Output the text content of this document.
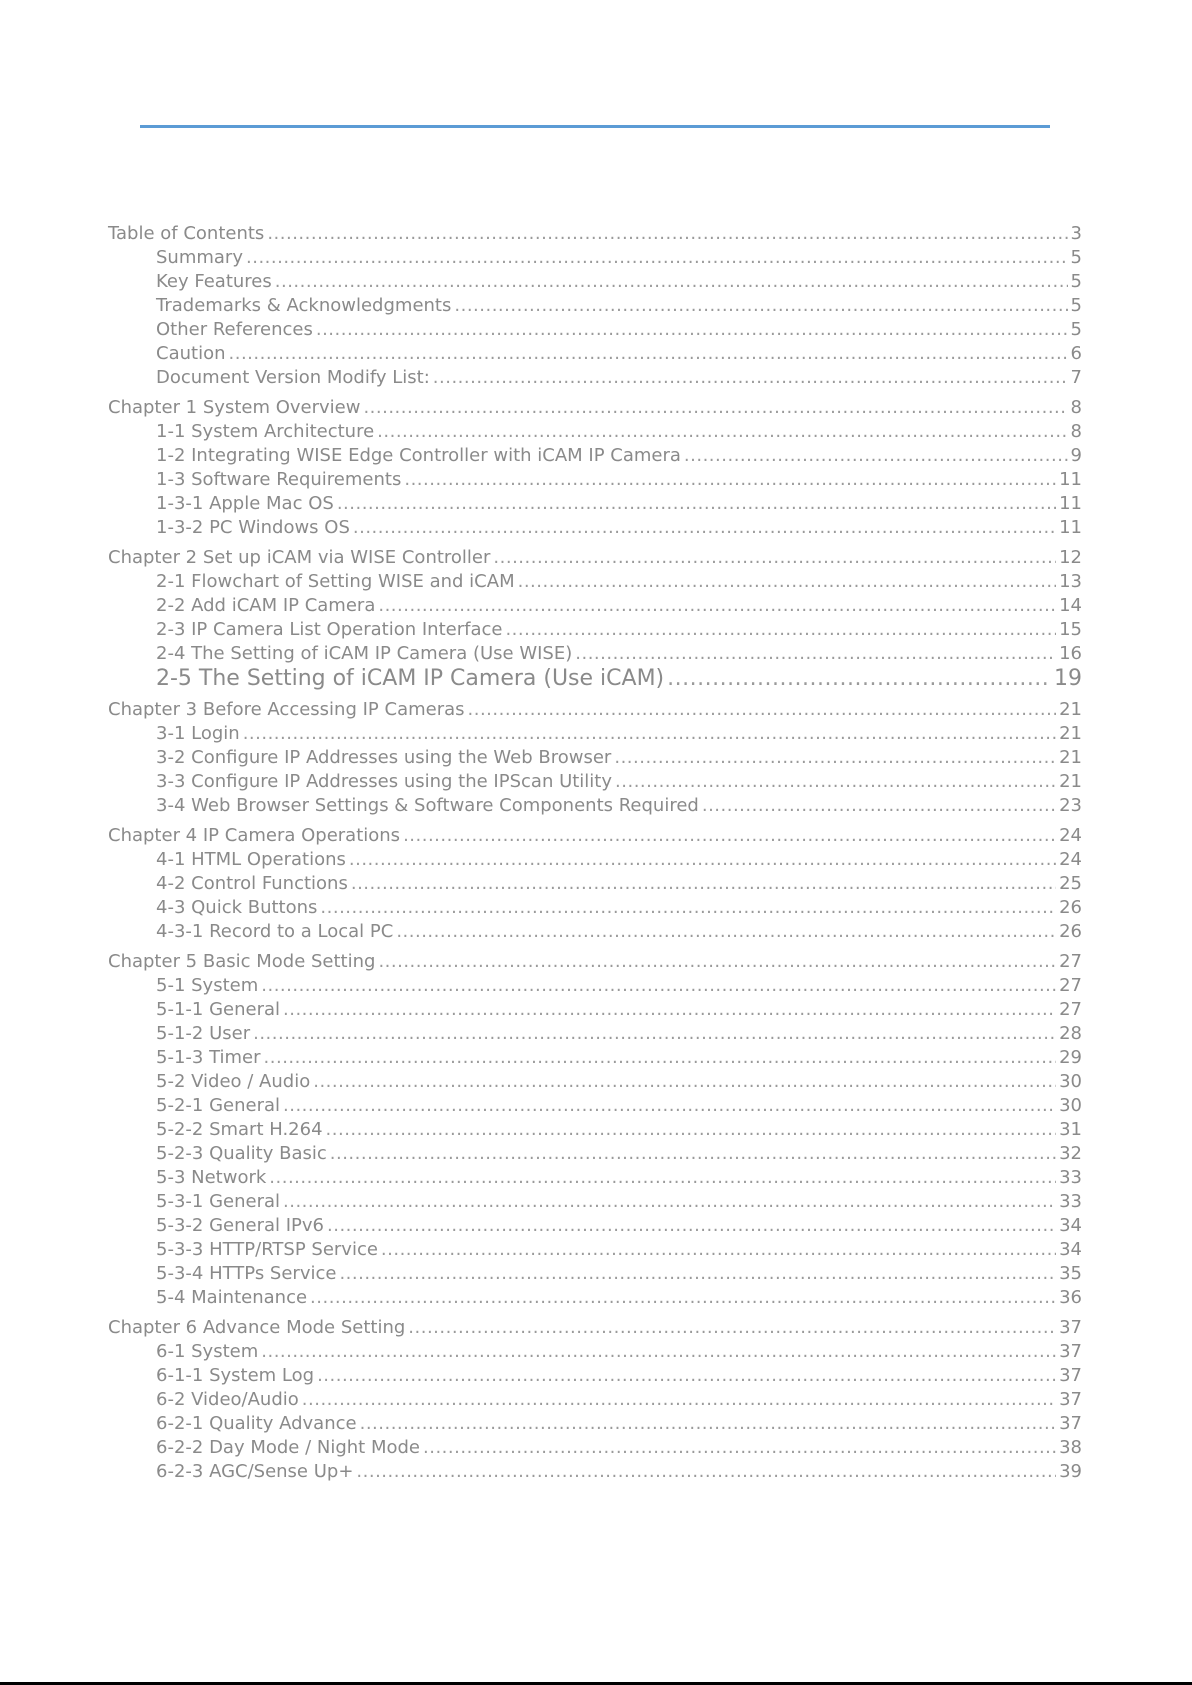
Table of Contents .....	3
Summary .....	5
Key Features .....	5
Trademarks & Acknowledgments .....	5
Other References .....	5
Caution .....	6
Document Version Modify List: .....	7
Chapter 1 System Overview .....	8
1-1 System Architecture .....	8
1-2 Integrating WISE Edge Controller with iCAM IP Camera .....	9
1-3 Software Requirements .....	11
1-3-1 Apple Mac OS .....	11
1-3-2 PC Windows OS .....	11
Chapter 2 Set up iCAM via WISE Controller .....	12
2-1 Flowchart of Setting WISE and iCAM .....	13
2-2 Add iCAM IP Camera .....	14
2-3 IP Camera List Operation Interface .....	15
2-4 The Setting of iCAM IP Camera (Use WISE) .....	16
2-5 The Setting of iCAM IP Camera (Use iCAM) .....	19
Chapter 3 Before Accessing IP Cameras .....	21
3-1 Login .....	21
3-2 Configure IP Addresses using the Web Browser .....	21
3-3 Configure IP Addresses using the IPScan Utility .....	21
3-4 Web Browser Settings & Software Components Required .....	23
Chapter 4 IP Camera Operations .....	24
4-1 HTML Operations .....	24
4-2 Control Functions .....	25
4-3 Quick Buttons .....	26
4-3-1 Record to a Local PC .....	26
Chapter 5 Basic Mode Setting .....	27
5-1 System .....	27
5-1-1 General .....	27
5-1-2 User .....	28
5-1-3 Timer .....	29
5-2 Video / Audio .....	30
5-2-1 General .....	30
5-2-2 Smart H.264 .....	31
5-2-3 Quality Basic .....	32
5-3 Network .....	33
5-3-1 General .....	33
5-3-2 General IPv6 .....	34
5-3-3 HTTP/RTSP Service .....	34
5-3-4 HTTPs Service .....	35
5-4 Maintenance .....	36
Chapter 6 Advance Mode Setting .....	37
6-1 System .....	37
6-1-1 System Log .....	37
6-2 Video/Audio .....	37
6-2-1 Quality Advance .....	37
6-2-2 Day Mode / Night Mode .....	38
6-2-3 AGC/Sense Up+ .....	39
